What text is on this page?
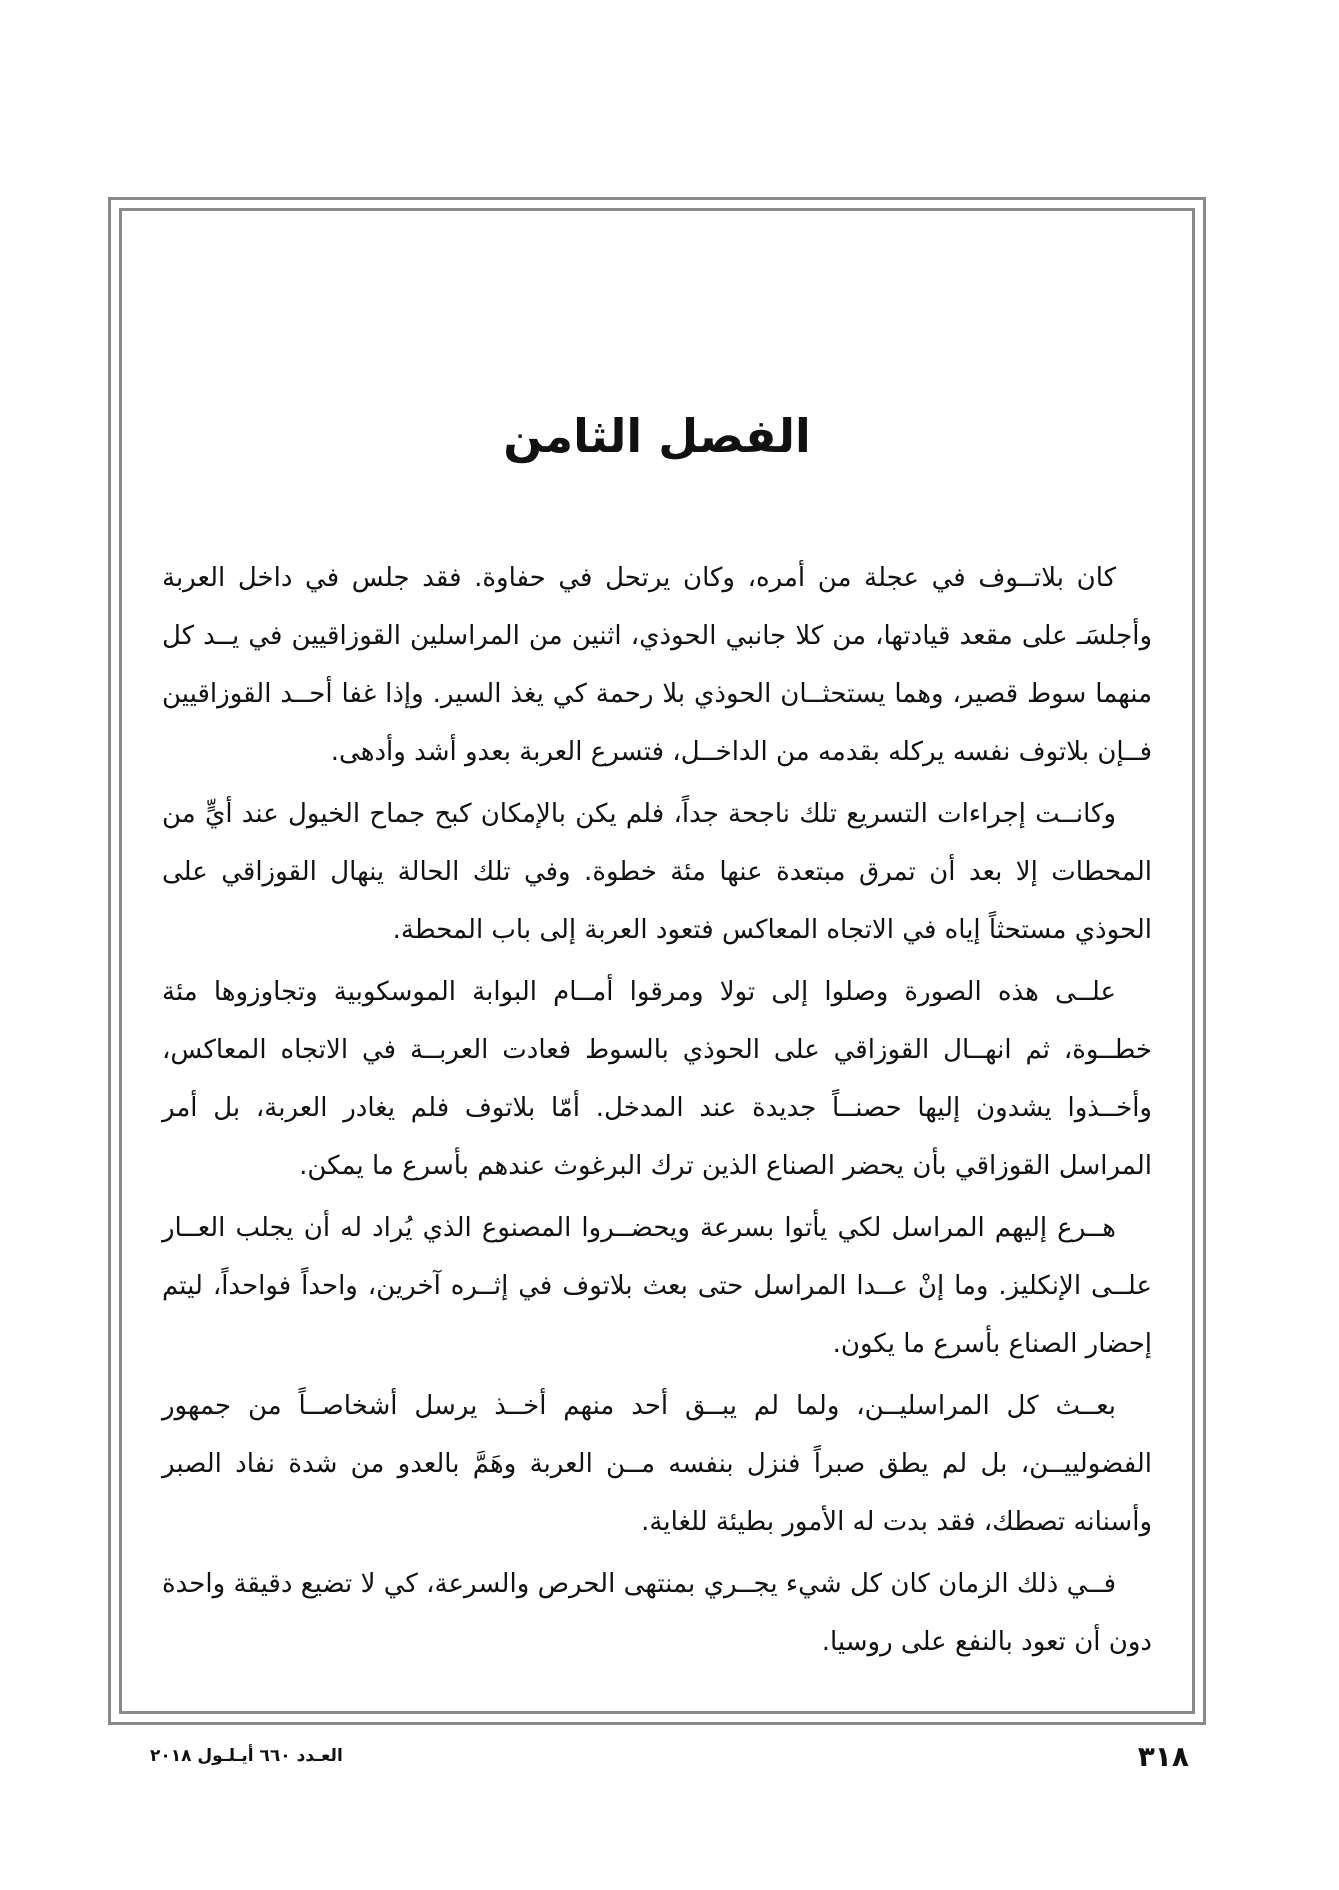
الفصل الثامن

كان بلاتــوف في عجلة من أمره، وكان يرتحل في حفاوة. فقد جلس في داخل العربة وأجلسَـ على مقعد قيادتها، من كلا جانبي الحوذي، اثنين من المراسلين القوزاقيين في يــد كل منهما سوط قصير، وهما يستحثــان الحوذي بلا رحمة كي يغذ السير. وإذا غفا أحــد القوزاقيين فــإن بلاتوف نفسه يركله بقدمه من الداخــل، فتسرع العربة بعدو أشد وأدهى.

وكانــت إجراءات التسريع تلك ناجحة جداً، فلم يكن بالإمكان كبح جماح الخيول عند أيٍّ من المحطات إلا بعد أن تمرق مبتعدة عنها مئة خطوة. وفي تلك الحالة ينهال القوزاقي على الحوذي مستحثاً إياه في الاتجاه المعاكس فتعود العربة إلى باب المحطة.

علــى هذه الصورة وصلوا إلى تولا ومرقوا أمــام البوابة الموسكوبية وتجاوزوها مئة خطــوة، ثم انهــال القوزاقي على الحوذي بالسوط فعادت العربــة في الاتجاه المعاكس، وأخــذوا يشدون إليها حصنــاً جديدة عند المدخل. أمّا بلاتوف فلم يغادر العربة، بل أمر المراسل القوزاقي بأن يحضر الصناع الذين ترك البرغوث عندهم بأسرع ما يمكن.

هــرع إليهم المراسل لكي يأتوا بسرعة ويحضــروا المصنوع الذي يُراد له أن يجلب العــار علــى الإنكليز. وما إنْ عــدا المراسل حتى بعث بلاتوف في إثــره آخرين، واحداً فواحداً، ليتم إحضار الصناع بأسرع ما يكون.

بعــث كل المراسليــن، ولما لم يبــق أحد منهم أخــذ يرسل أشخاصــاً من جمهور الفضولييــن، بل لم يطق صبراً فنزل بنفسه مــن العربة وهَمَّ بالعدو من شدة نفاد الصبر وأسنانه تصطك، فقد بدت له الأمور بطيئة للغاية.

فــي ذلك الزمان كان كل شيء يجــري بمنتهى الحرص والسرعة، كي لا تضيع دقيقة واحدة دون أن تعود بالنفع على روسيا.

٣١٨
العـدد ٦٦٠ أيـلـول ٢٠١٨
